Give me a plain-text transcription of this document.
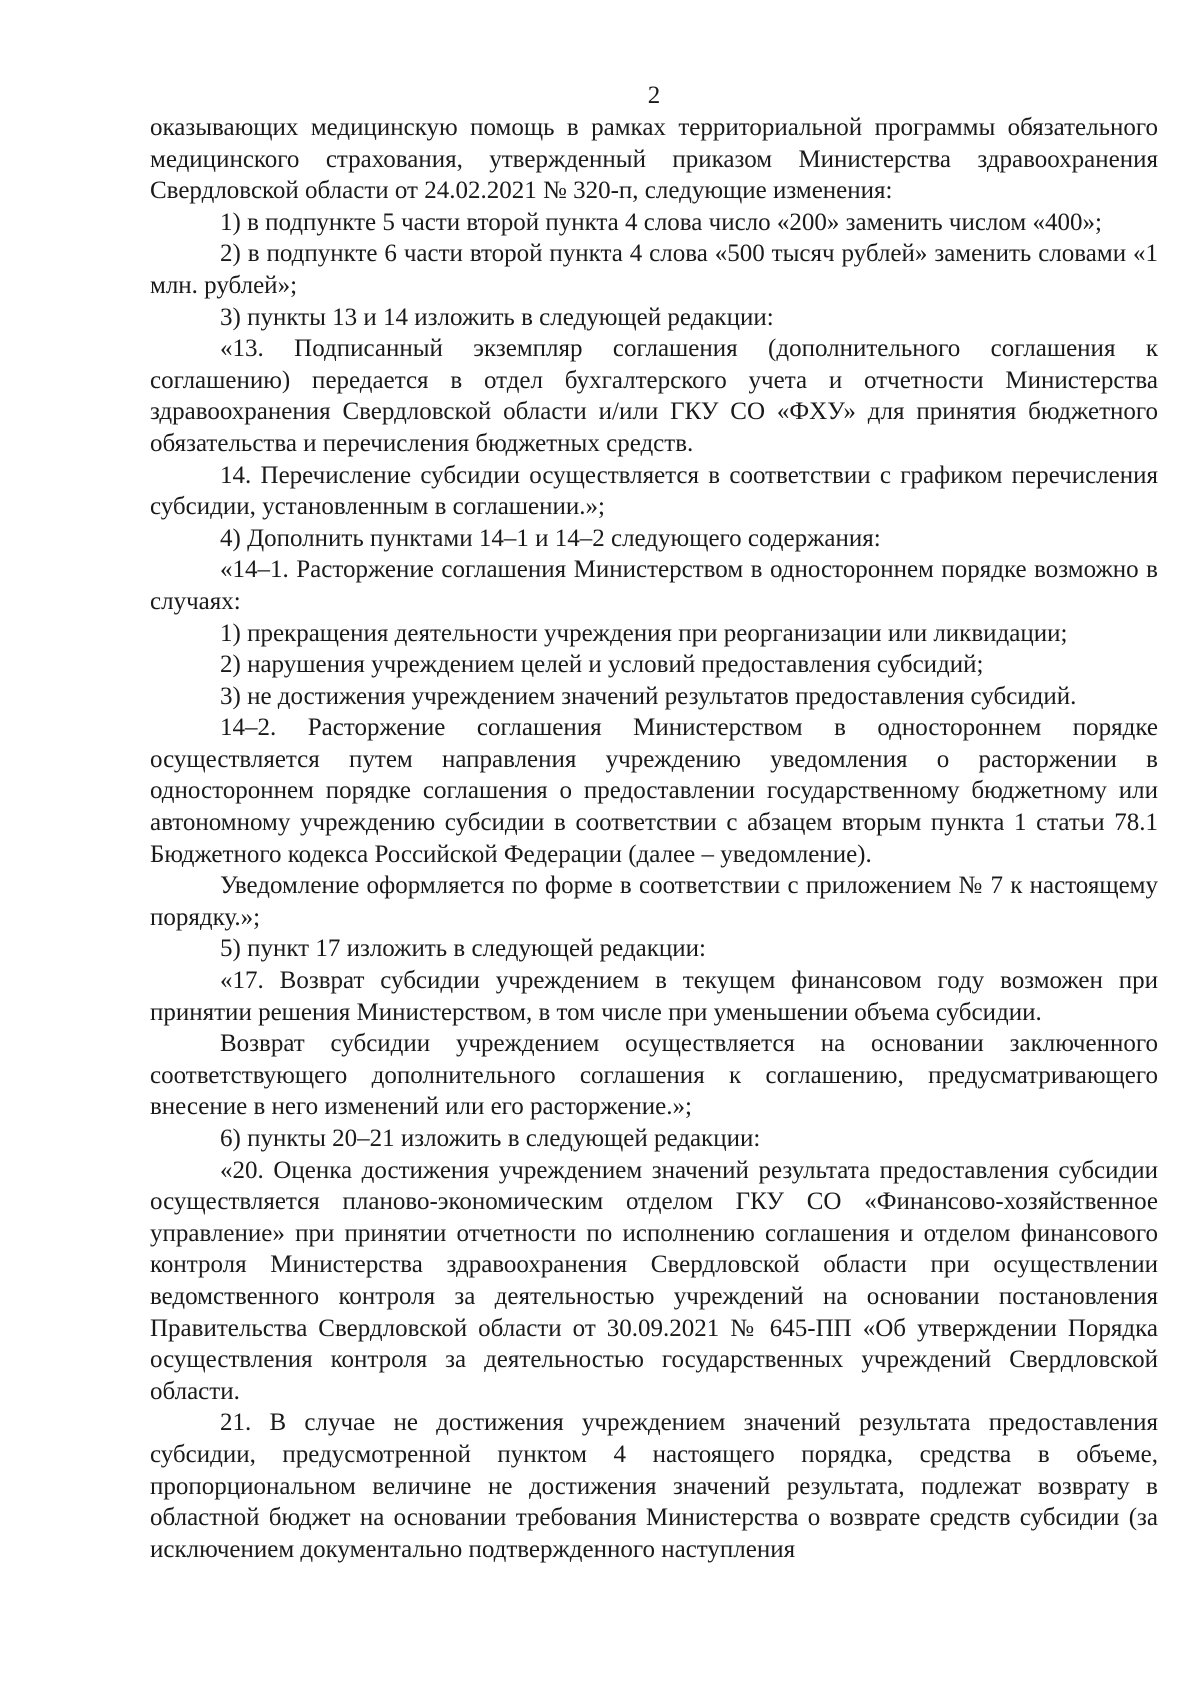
2

оказывающих медицинскую помощь в рамках территориальной программы обязательного медицинского страхования, утвержденный приказом Министерства здравоохранения Свердловской области от 24.02.2021 № 320-п, следующие изменения:

1) в подпункте 5 части второй пункта 4 слова число «200» заменить числом «400»;

2) в подпункте 6 части второй пункта 4 слова «500 тысяч рублей» заменить словами «1 млн. рублей»;

3) пункты 13 и 14 изложить в следующей редакции:

«13. Подписанный экземпляр соглашения (дополнительного соглашения к соглашению) передается в отдел бухгалтерского учета и отчетности Министерства здравоохранения Свердловской области и/или ГКУ СО «ФХУ» для принятия бюджетного обязательства и перечисления бюджетных средств.

14. Перечисление субсидии осуществляется в соответствии с графиком перечисления субсидии, установленным в соглашении.»;

4) Дополнить пунктами 14–1 и 14–2 следующего содержания:

«14–1. Расторжение соглашения Министерством в одностороннем порядке возможно в случаях:

1) прекращения деятельности учреждения при реорганизации или ликвидации;

2) нарушения учреждением целей и условий предоставления субсидий;

3) не достижения учреждением значений результатов предоставления субсидий.

14–2. Расторжение соглашения Министерством в одностороннем порядке осуществляется путем направления учреждению уведомления о расторжении в одностороннем порядке соглашения о предоставлении государственному бюджетному или автономному учреждению субсидии в соответствии с абзацем вторым пункта 1 статьи 78.1 Бюджетного кодекса Российской Федерации (далее – уведомление).

Уведомление оформляется по форме в соответствии с приложением № 7 к настоящему порядку.»;

5) пункт 17 изложить в следующей редакции:

«17. Возврат субсидии учреждением в текущем финансовом году возможен при принятии решения Министерством, в том числе при уменьшении объема субсидии.

Возврат субсидии учреждением осуществляется на основании заключенного соответствующего дополнительного соглашения к соглашению, предусматривающего внесение в него изменений или его расторжение.»;

6) пункты 20–21 изложить в следующей редакции:

«20. Оценка достижения учреждением значений результата предоставления субсидии осуществляется планово-экономическим отделом ГКУ СО «Финансово-хозяйственное управление» при принятии отчетности по исполнению соглашения и отделом финансового контроля Министерства здравоохранения Свердловской области при осуществлении ведомственного контроля за деятельностью учреждений на основании постановления Правительства Свердловской области от 30.09.2021 № 645-ПП «Об утверждении Порядка осуществления контроля за деятельностью государственных учреждений Свердловской области.

21. В случае не достижения учреждением значений результата предоставления субсидии, предусмотренной пунктом 4 настоящего порядка, средства в объеме, пропорциональном величине не достижения значений результата, подлежат возврату в областной бюджет на основании требования Министерства о возврате средств субсидии (за исключением документально подтвержденного наступления
